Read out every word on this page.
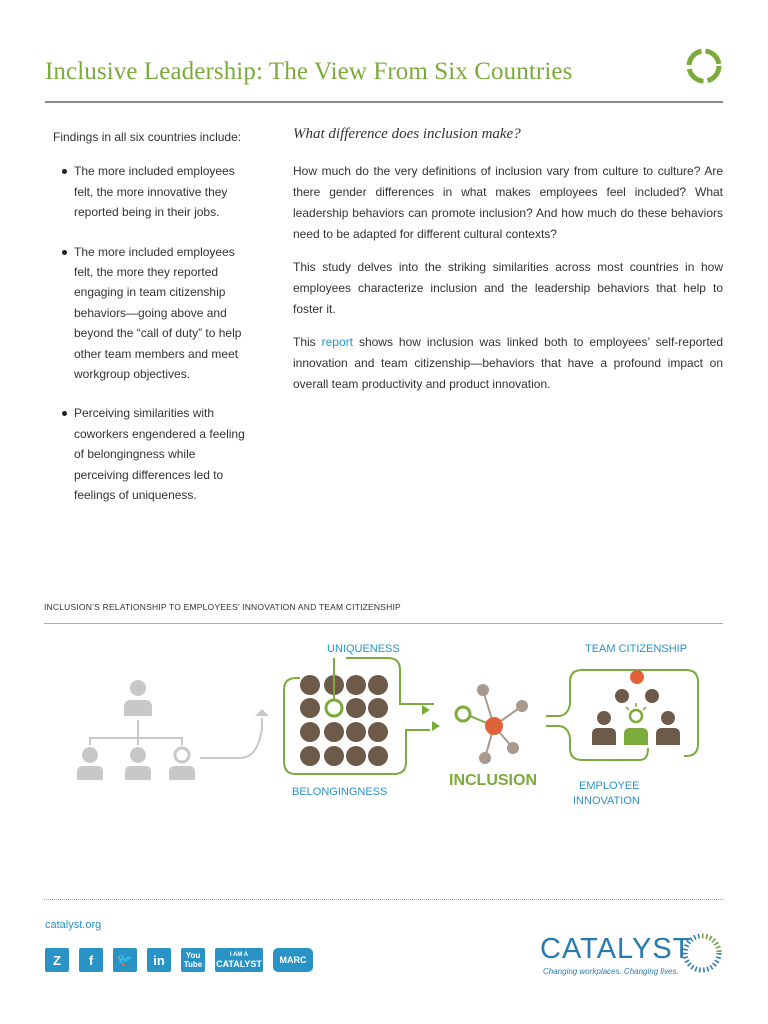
Inclusive Leadership: The View From Six Countries
Findings in all six countries include:
The more included employees felt, the more innovative they reported being in their jobs.
The more included employees felt, the more they reported engaging in team citizenship behaviors—going above and beyond the “call of duty” to help other team members and meet workgroup objectives.
Perceiving similarities with coworkers engendered a feeling of belongingness while perceiving differences led to feelings of uniqueness.
What difference does inclusion make?

How much do the very definitions of inclusion vary from culture to culture? Are there gender differences in what makes employees feel included? What leadership behaviors can promote inclusion? And how much do these behaviors need to be adapted for different cultural contexts?

This study delves into the striking similarities across most countries in how employees characterize inclusion and the leadership behaviors that help to foster it.

This report shows how inclusion was linked both to employees’ self-reported innovation and team citizenship—behaviors that have a profound impact on overall team productivity and product innovation.

INCLUSION’S RELATIONSHIP TO EMPLOYEES’ INNOVATION AND TEAM CITIZENSHIP
UNIQUENESS
BELONGINGNESS
INCLUSION
TEAM CITIZENSHIP
EMPLOYEE
INNOVATION
catalyst.org
Z	f	🐦	in	You
Tube
I AM A
CATALYST	MARC	CATALYST
Changing workplaces. Changing lives.
